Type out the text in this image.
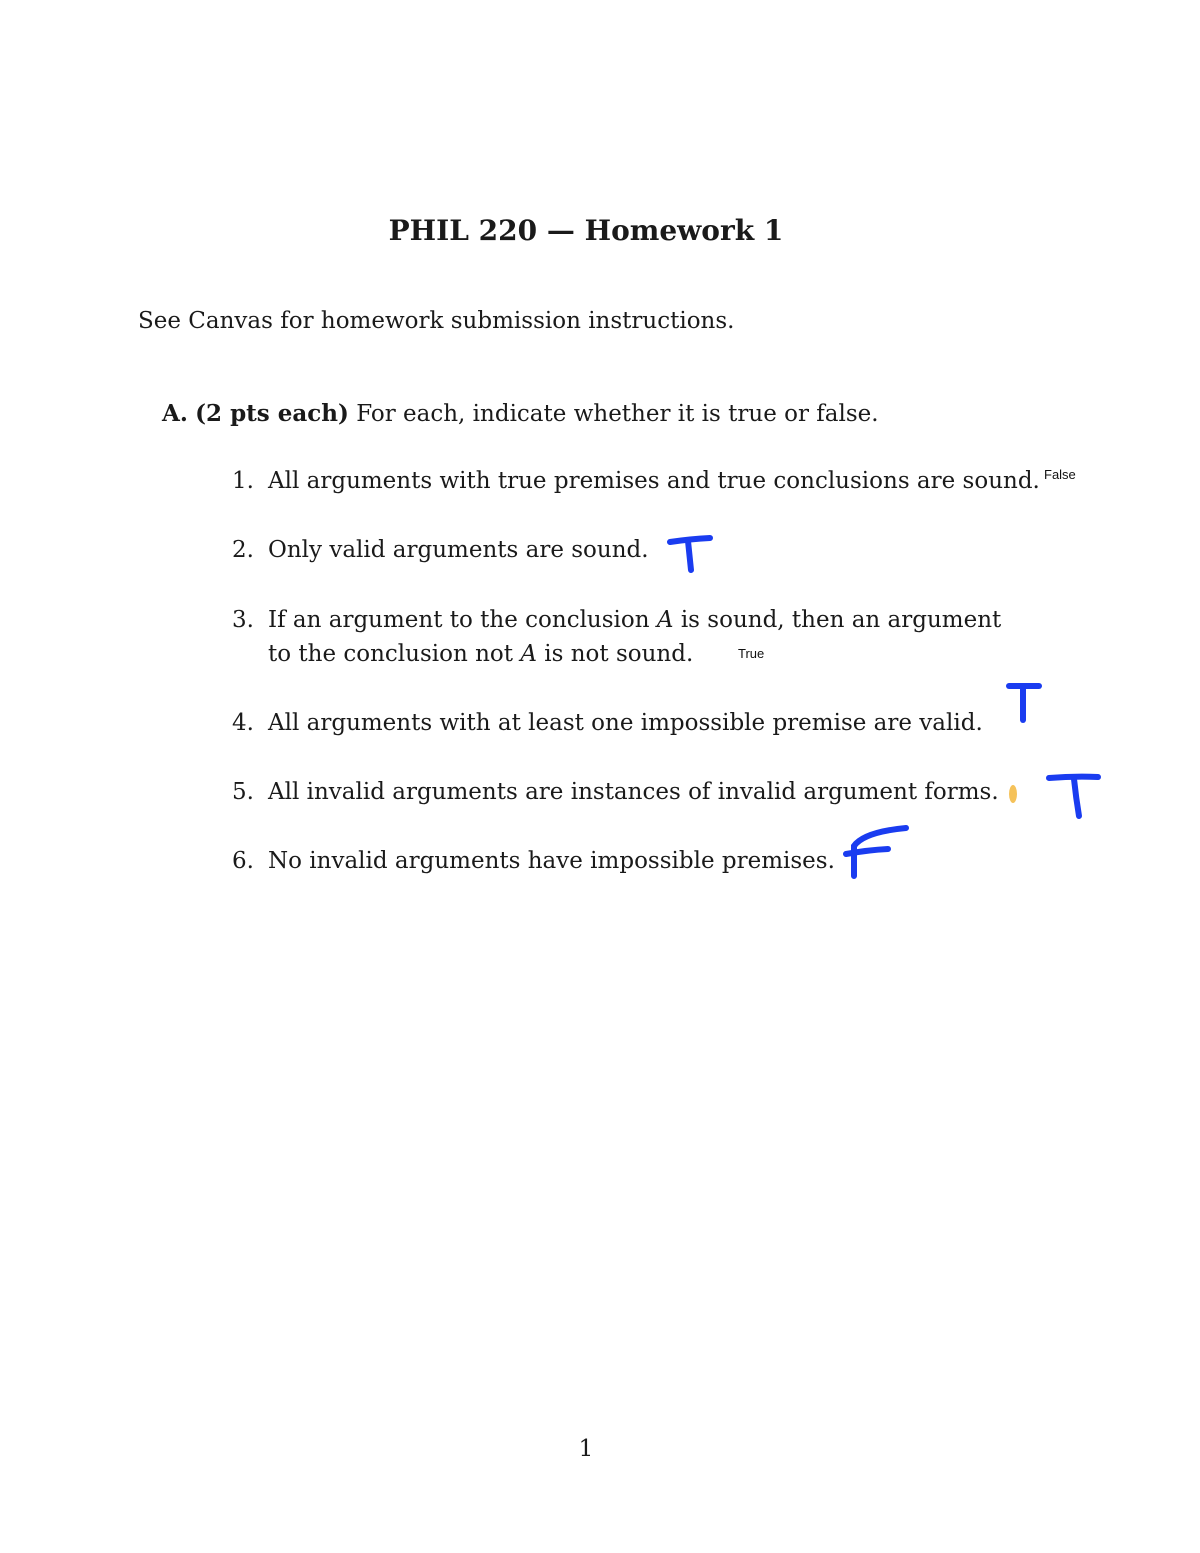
PHIL 220 — Homework 1
See Canvas for homework submission instructions.
A. (2 pts each) For each, indicate whether it is true or false.
1. All arguments with true premises and true conclusions are sound. False
2. Only valid arguments are sound.
3. If an argument to the conclusion A is sound, then an argument
to the conclusion not A is not sound.	True
4. All arguments with at least one impossible premise are valid.
5. All invalid arguments are instances of invalid argument forms.
6. No invalid arguments have impossible premises.
1
